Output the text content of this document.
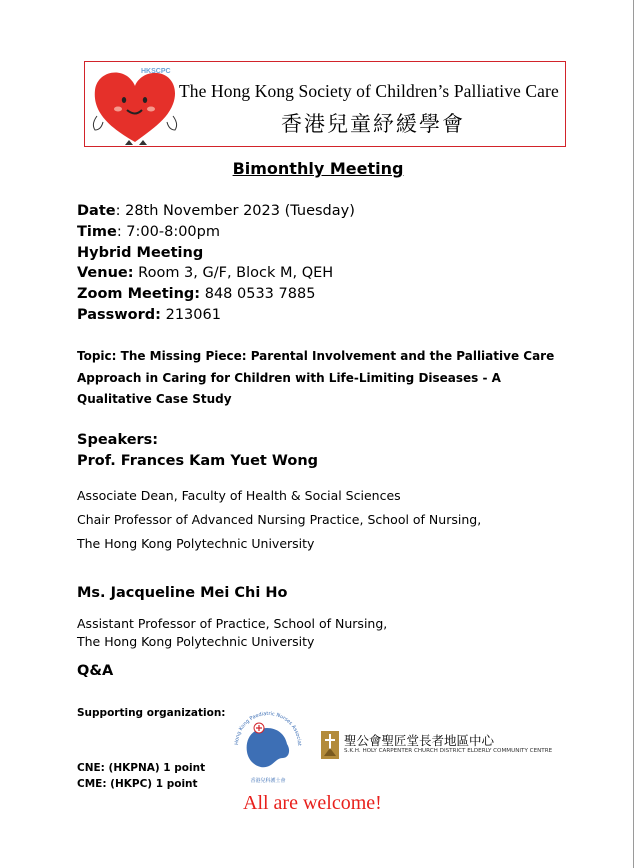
HKSCPC
The Hong Kong Society of Children’s Palliative Care
香港兒童紓緩學會
Bimonthly Meeting
Date: 28th November 2023 (Tuesday)
Time: 7:00-8:00pm
Hybrid Meeting
Venue: Room 3, G/F, Block M, QEH
Zoom Meeting: 848 0533 7885
Password: 213061
Topic: The Missing Piece: Parental Involvement and the Palliative Care Approach in Caring for Children with Life-Limiting Diseases - A Qualitative Case Study
Speakers:
Prof. Frances Kam Yuet Wong
Associate Dean, Faculty of Health & Social Sciences
Chair Professor of Advanced Nursing Practice, School of Nursing,
The Hong Kong Polytechnic University
Ms. Jacqueline Mei Chi Ho
Assistant Professor of Practice, School of Nursing,
The Hong Kong Polytechnic University
Q&A
Supporting organization:
Hong Kong Paediatric Nurses Associat
香港兒科護士會
聖公會聖匠堂長者地區中心
S.K.H. HOLY CARPENTER CHURCH DISTRICT ELDERLY COMMUNITY CENTRE
CNE: (HKPNA) 1 point
CME: (HKPC) 1 point
All are welcome!
